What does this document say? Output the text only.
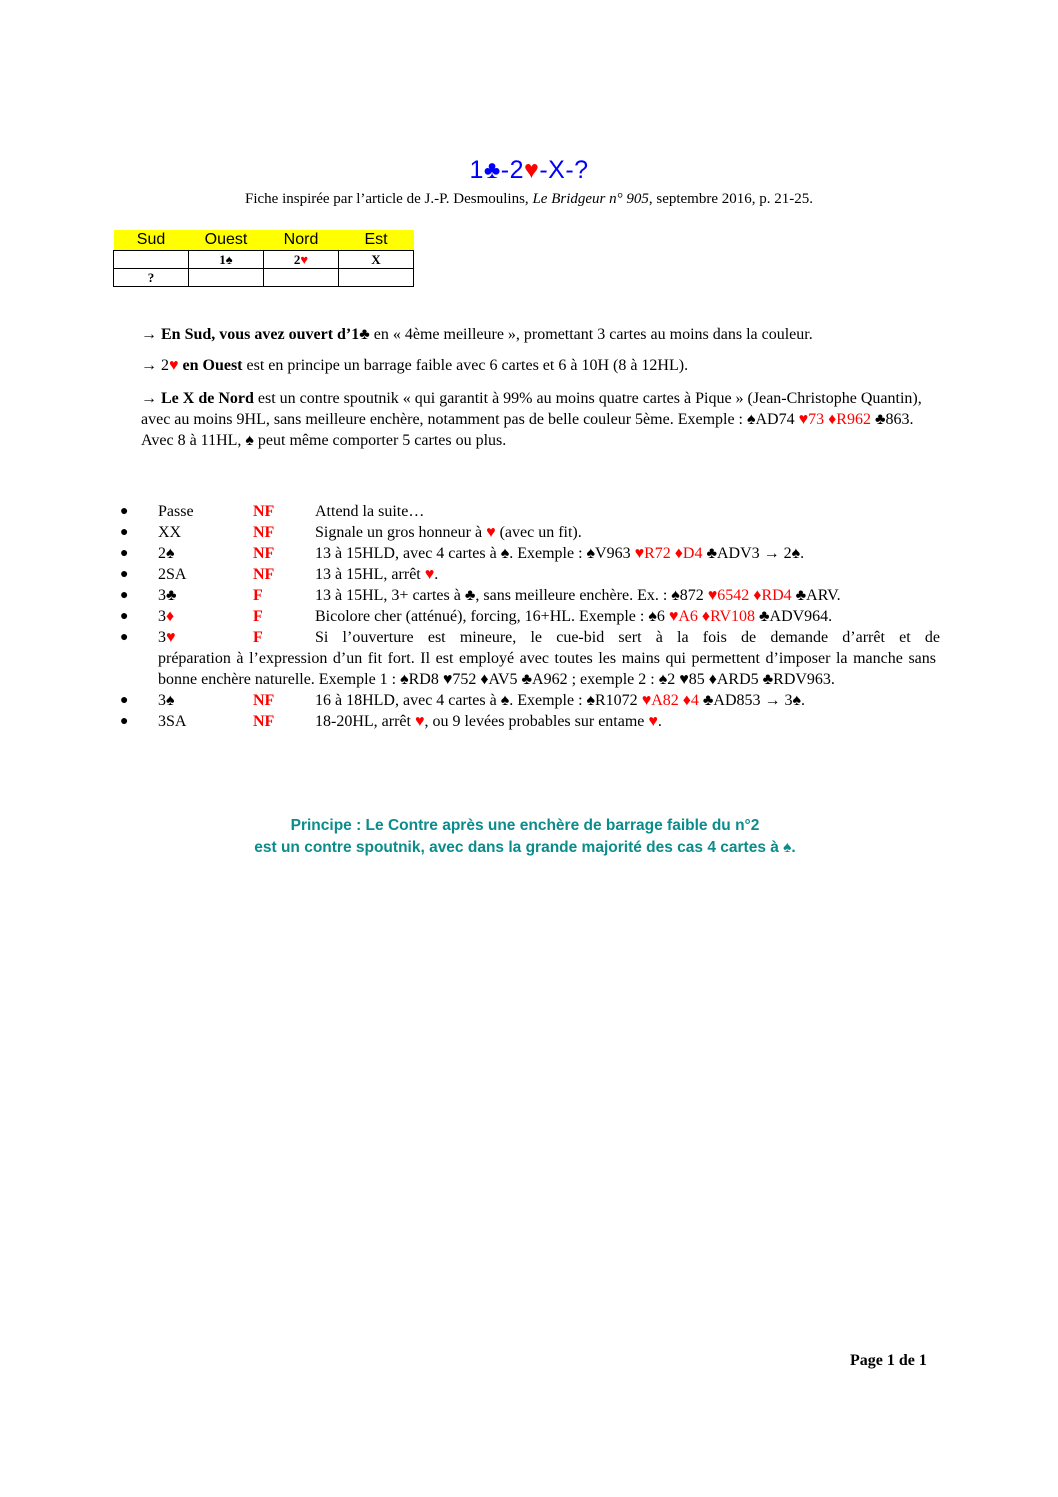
1♣-2♥-X-?
Fiche inspirée par l’article de J.-P. Desmoulins, Le Bridgeur n° 905, septembre 2016, p. 21-25.
Sud	Ouest	Nord	Est
	1♠	2♥	X
?			
→ En Sud, vous avez ouvert d’1♣ en « 4ème meilleure », promettant 3 cartes au moins dans la couleur.
→ 2♥ en Ouest est en principe un barrage faible avec 6 cartes et 6 à 10H (8 à 12HL).
→ Le X de Nord est un contre spoutnik « qui garantit à 99% au moins quatre cartes à Pique » (Jean-Christophe Quantin), avec au moins 9HL, sans meilleure enchère, notamment pas de belle couleur 5ème. Exemple : ♠AD74 ♥73 ♦R962 ♣863. Avec 8 à 11HL, ♠ peut même comporter 5 cartes ou plus.
●	Passe	NF	Attend la suite…
●	XX	NF	Signale un gros honneur à ♥ (avec un fit).
●	2♠	NF	13 à 15HLD, avec 4 cartes à ♠. Exemple : ♠V963 ♥R72 ♦D4 ♣ADV3 → 2♠.
●	2SA	NF	13 à 15HL, arrêt ♥.
●	3♣	F	13 à 15HL, 3+ cartes à ♣, sans meilleure enchère. Ex. : ♠872 ♥6542 ♦RD4 ♣ARV.
●	3♦	F	Bicolore cher (atténué), forcing, 16+HL. Exemple : ♠6 ♥A6 ♦RV108 ♣ADV964.
●	3♥	F	Si l’ouverture est mineure, le cue-bid sert à la fois de demande d’arrêt et de
préparation à l’expression d’un fit fort. Il est employé avec toutes les mains qui permettent d’imposer la manche sans bonne enchère naturelle. Exemple 1 : ♠RD8 ♥752 ♦AV5 ♣A962 ; exemple 2 : ♠2 ♥85 ♦ARD5 ♣RDV963.
●	3♠	NF	16 à 18HLD, avec 4 cartes à ♠. Exemple : ♠R1072 ♥A82 ♦4 ♣AD853 → 3♠.
●	3SA	NF	18-20HL, arrêt ♥, ou 9 levées probables sur entame ♥.
Principe : Le Contre après une enchère de barrage faible du n°2
est un contre spoutnik, avec dans la grande majorité des cas 4 cartes à ♠.
Page 1 de 1
